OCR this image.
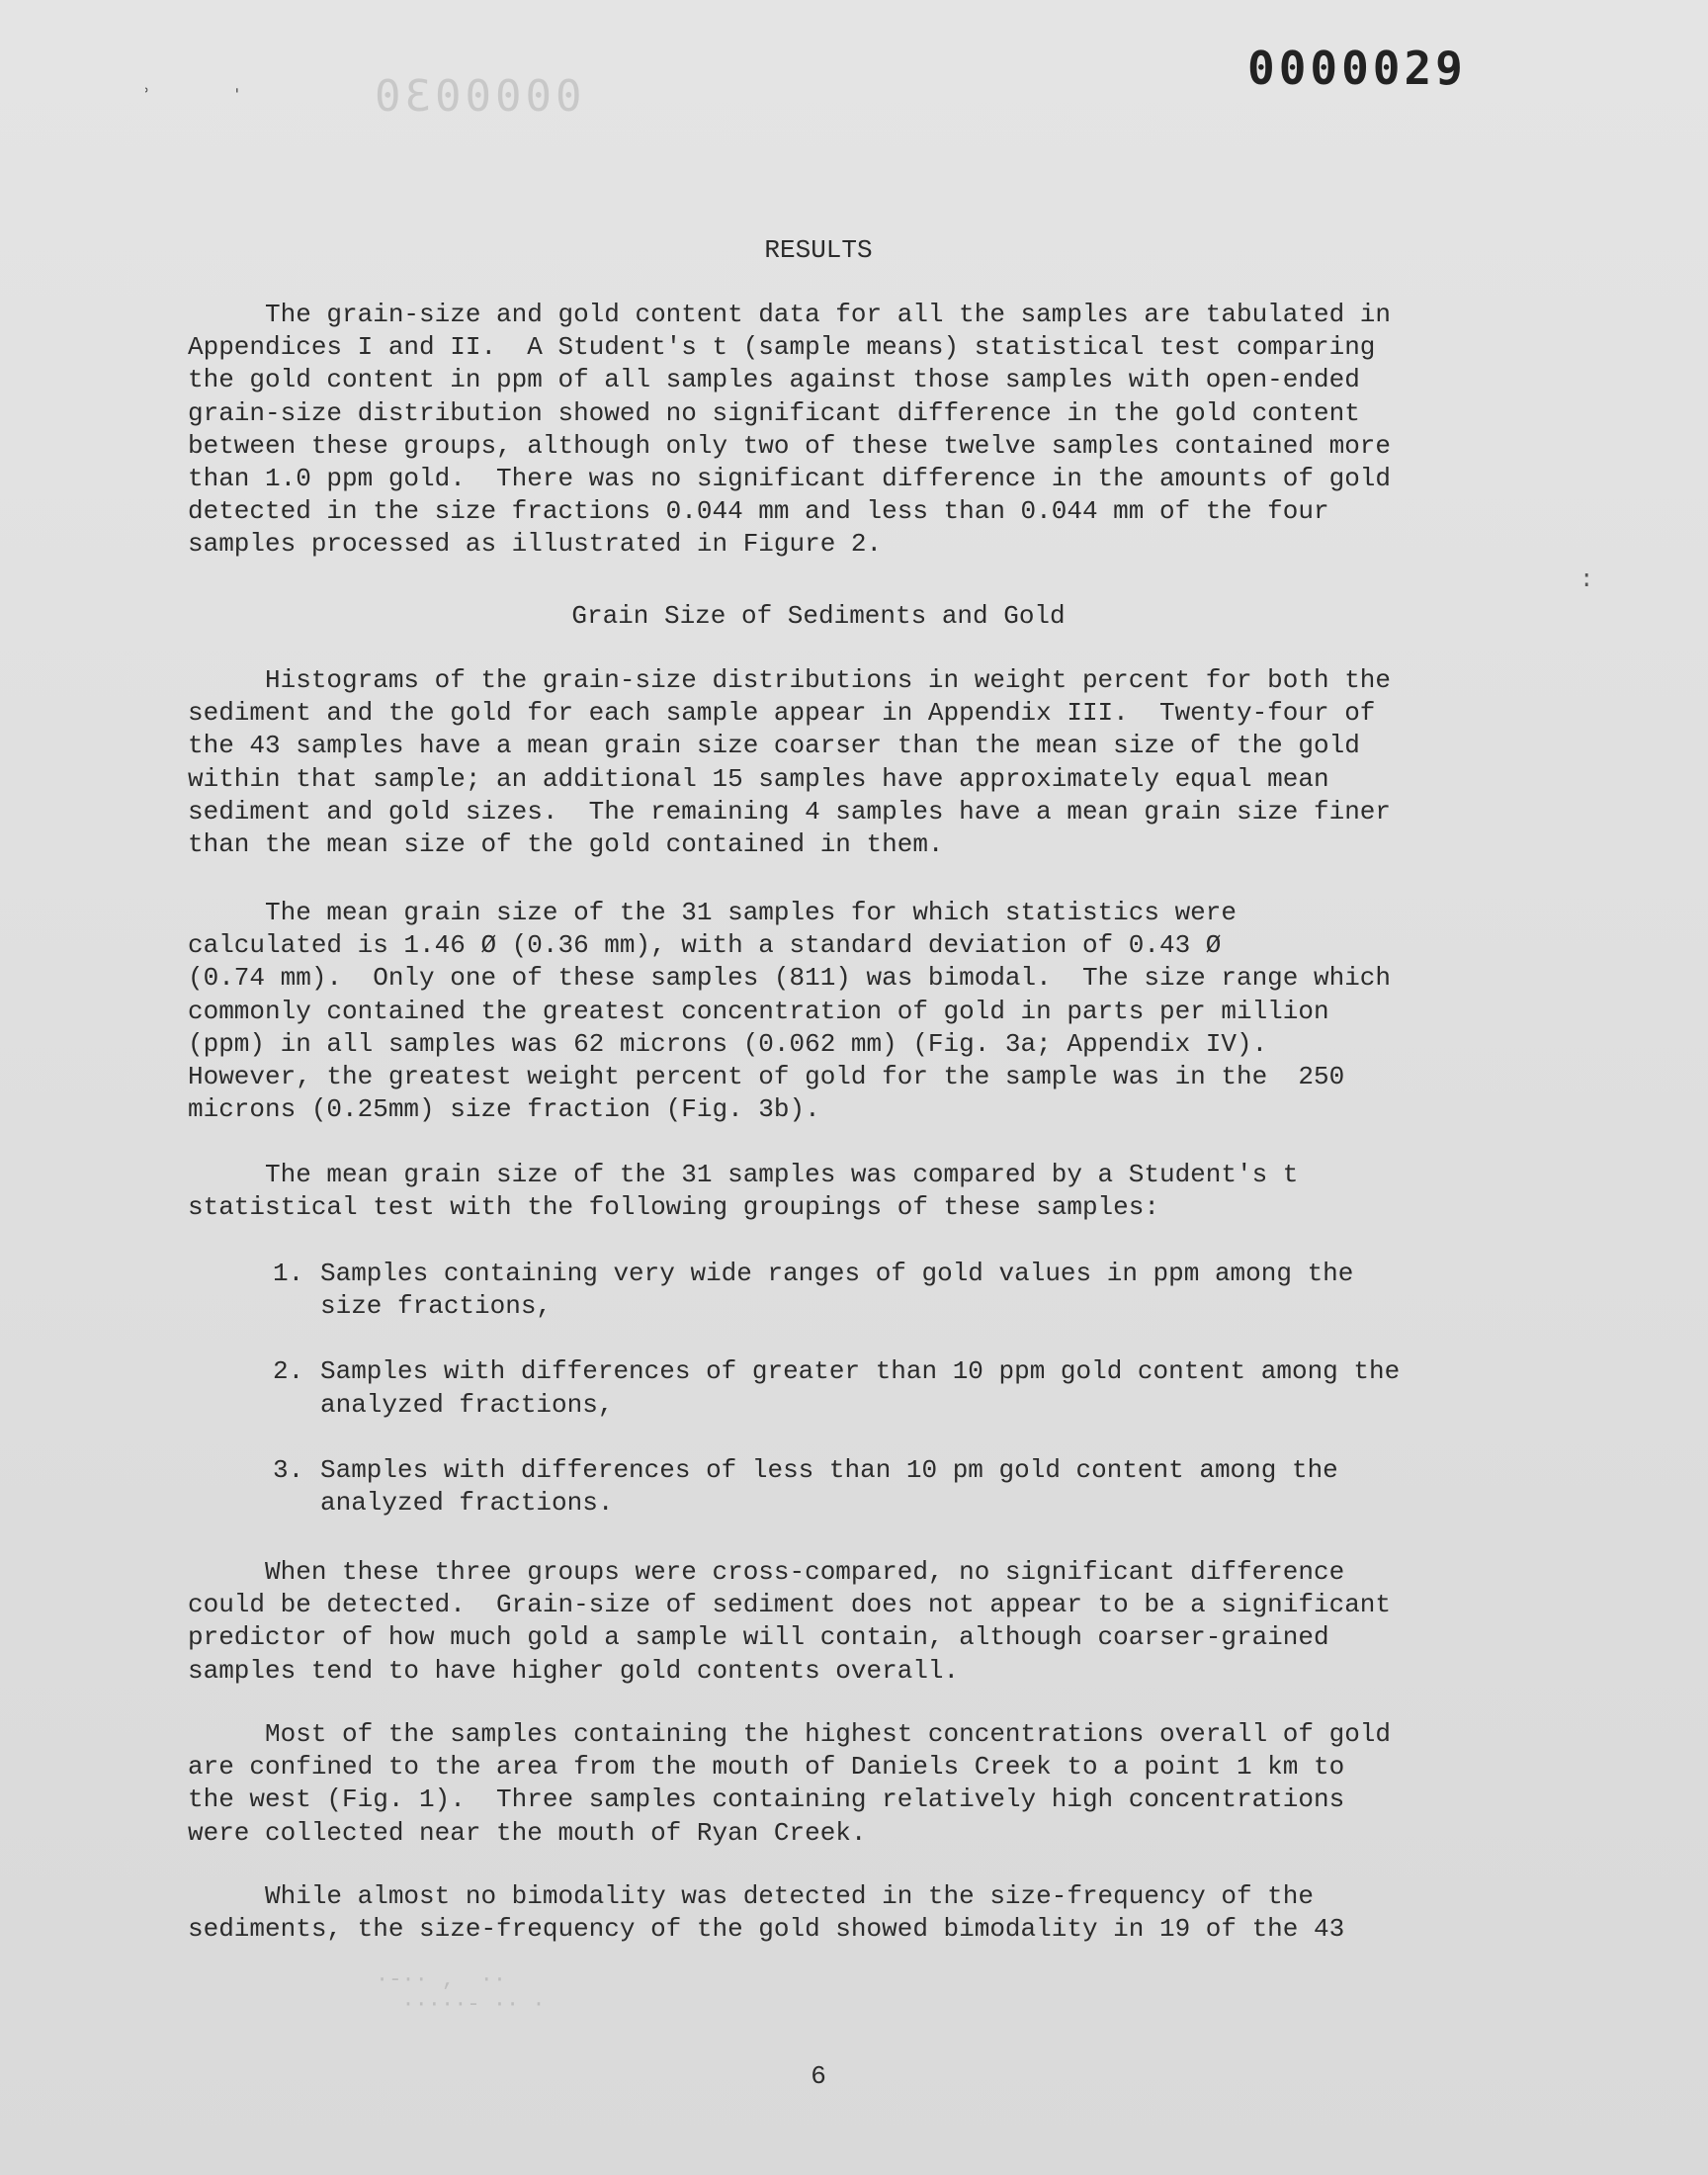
0000029
0000030
ʾ	ˈ
:
RESULTS

The grain-size and gold content data for all the samples are tabulated in

Appendices I and II.  A Student's t (sample means) statistical test comparing

the gold content in ppm of all samples against those samples with open-ended

grain-size distribution showed no significant difference in the gold content

between these groups, although only two of these twelve samples contained more

than 1.0 ppm gold.  There was no significant difference in the amounts of gold

detected in the size fractions 0.044 mm and less than 0.044 mm of the four

samples processed as illustrated in Figure 2.

Grain Size of Sediments and Gold

Histograms of the grain-size distributions in weight percent for both the

sediment and the gold for each sample appear in Appendix III.  Twenty-four of

the 43 samples have a mean grain size coarser than the mean size of the gold

within that sample; an additional 15 samples have approximately equal mean

sediment and gold sizes.  The remaining 4 samples have a mean grain size finer

than the mean size of the gold contained in them.

The mean grain size of the 31 samples for which statistics were

calculated is 1.46 Ø (0.36 mm), with a standard deviation of 0.43 Ø

(0.74 mm).  Only one of these samples (811) was bimodal.  The size range which

commonly contained the greatest concentration of gold in parts per million

(ppm) in all samples was 62 microns (0.062 mm) (Fig. 3a; Appendix IV).

However, the greatest weight percent of gold for the sample was in the  250

microns (0.25mm) size fraction (Fig. 3b).

The mean grain size of the 31 samples was compared by a Student's t

statistical test with the following groupings of these samples:

1. Samples containing very wide ranges of gold values in ppm among the
size fractions,
2. Samples with differences of greater than 10 ppm gold content among the
analyzed fractions,
3. Samples with differences of less than 10 pm gold content among the
analyzed fractions.

When these three groups were cross-compared, no significant difference

could be detected.  Grain-size of sediment does not appear to be a significant

predictor of how much gold a sample will contain, although coarser-grained

samples tend to have higher gold contents overall.

Most of the samples containing the highest concentrations overall of gold

are confined to the area from the mouth of Daniels Creek to a point 1 km to

the west (Fig. 1).  Three samples containing relatively high concentrations

were collected near the mouth of Ryan Creek.

While almost no bimodality was detected in the size-frequency of the

sediments, the size-frequency of the gold showed bimodality in 19 of the 43

·-·· ‚  ··
·····- ·· ·
6
